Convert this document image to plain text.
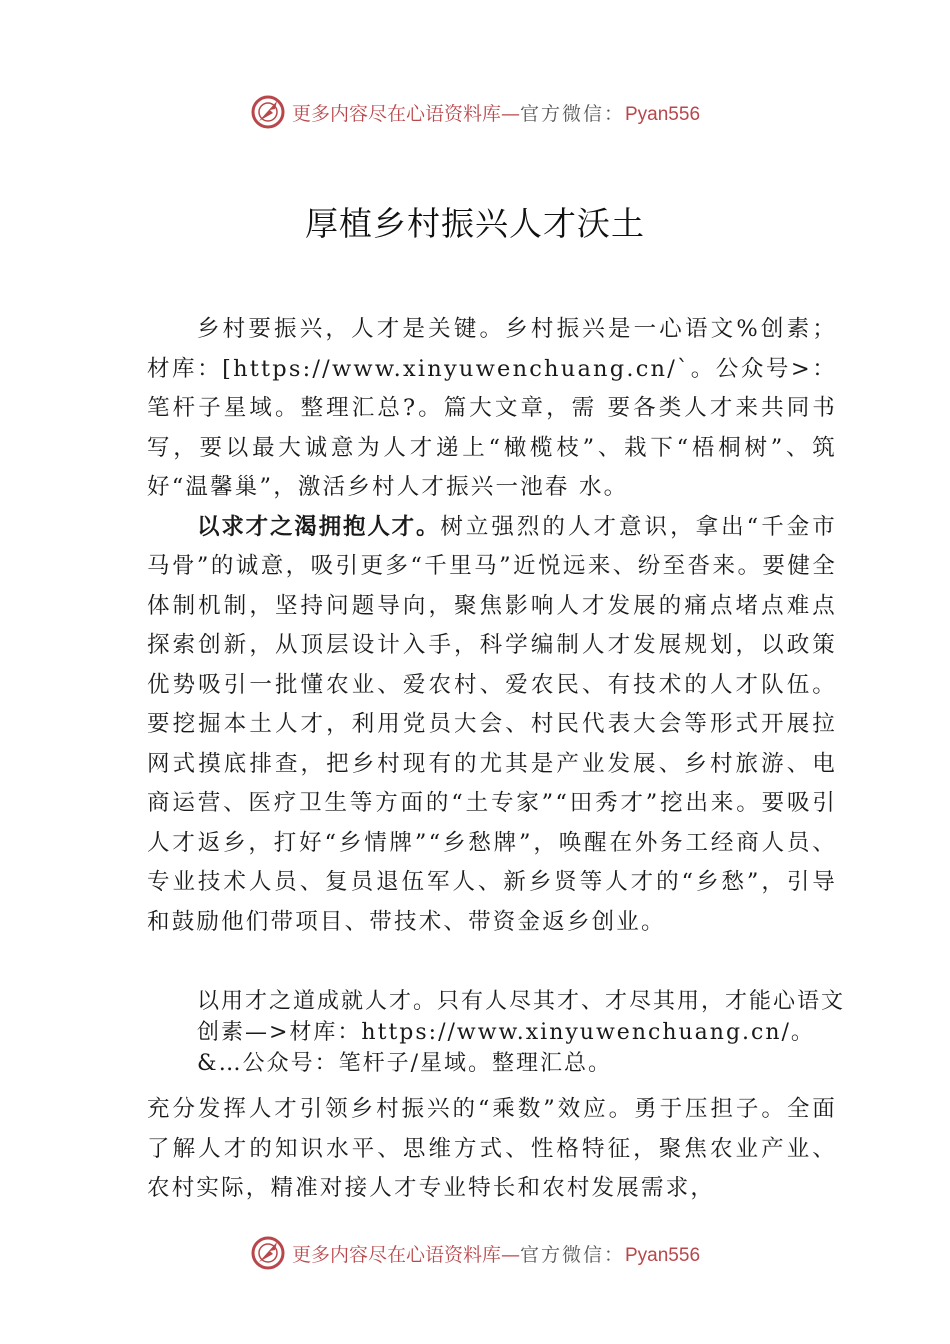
更多内容尽在心语资料库—官方微信：Pyan556
厚植乡村振兴人才沃土

乡村要振兴，人才是关键。乡村振兴是一心语文%创素；材库：[https://www.xinyuwenchuang.cn/`。公众号>：笔杆子星域。整理汇总?。篇大文章，需 要各类人才来共同书写，要以最大诚意为人才递上“橄榄枝”、栽下“梧桐树”、筑好“温馨巢”，激活乡村人才振兴一池春 水。

以求才之渴拥抱人才。树立强烈的人才意识，拿出“千金市马骨”的诚意，吸引更多“千里马”近悦远来、纷至沓来。要健全体制机制，坚持问题导向，聚焦影响人才发展的痛点堵点难点探索创新，从顶层设计入手，科学编制人才发展规划，以政策优势吸引一批懂农业、爱农村、爱农民、有技术的人才队伍。要挖掘本土人才，利用党员大会、村民代表大会等形式开展拉网式摸底排查，把乡村现有的尤其是产业发展、乡村旅游、电商运营、医疗卫生等方面的“土专家”“田秀才”挖出来。要吸引人才返乡，打好“乡情牌”“乡愁牌”，唤醒在外务工经商人员、专业技术人员、复员退伍军人、新乡贤等人才的“乡愁”，引导和鼓励他们带项目、带技术、带资金返乡创业。

以用才之道成就人才。只有人尽其才、才尽其用，才能心语文创素—>材库：https://www.xinyuwenchuang.cn/。&…公众号：笔杆子/星域。整理汇总。

充分发挥人才引领乡村振兴的“乘数”效应。勇于压担子。全面了解人才的知识水平、思维方式、性格特征，聚焦农业产业、农村实际，精准对接人才专业特长和农村发展需求，

更多内容尽在心语资料库—官方微信：Pyan556
